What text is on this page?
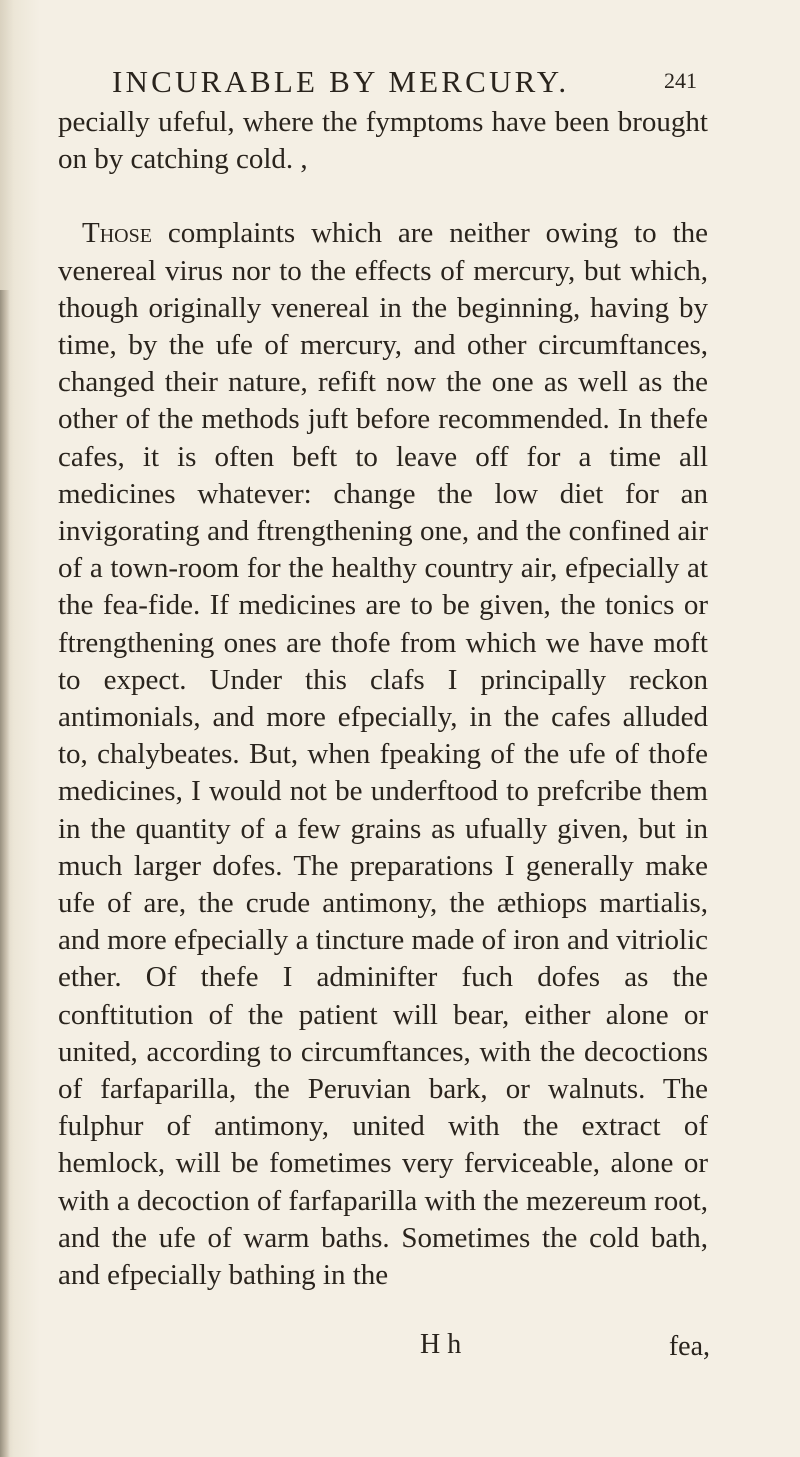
INCURABLE BY MERCURY.	241

pecially ufeful, where the fymptoms have been brought on by catching cold. ,

Those complaints which are neither owing to the venereal virus nor to the effects of mercury, but which, though originally venereal in the beginning, having by time, by the ufe of mercury, and other circumftances, changed their nature, refift now the one as well as the other of the methods juft before recommended. In thefe cafes, it is often beft to leave off for a time all medicines whatever: change the low diet for an invigorating and ftrengthening one, and the confined air of a town-room for the healthy country air, efpecially at the fea-fide. If medicines are to be given, the tonics or ftrengthening ones are thofe from which we have moft to expect. Under this clafs I principally reckon antimonials, and more efpecially, in the cafes alluded to, chalybeates. But, when fpeaking of the ufe of thofe medicines, I would not be underftood to prefcribe them in the quantity of a few grains as ufually given, but in much larger dofes. The preparations I generally make ufe of are, the crude antimony, the æthiops martialis, and more efpecially a tincture made of iron and vitriolic ether. Of thefe I adminifter fuch dofes as the conftitution of the patient will bear, either alone or united, according to circumftances, with the decoctions of farfaparilla, the Peruvian bark, or walnuts. The fulphur of antimony, united with the extract of hemlock, will be fometimes very ferviceable, alone or with a decoction of farfaparilla with the mezereum root, and the ufe of warm baths. Sometimes the cold bath, and efpecially bathing in the

H h	fea,
